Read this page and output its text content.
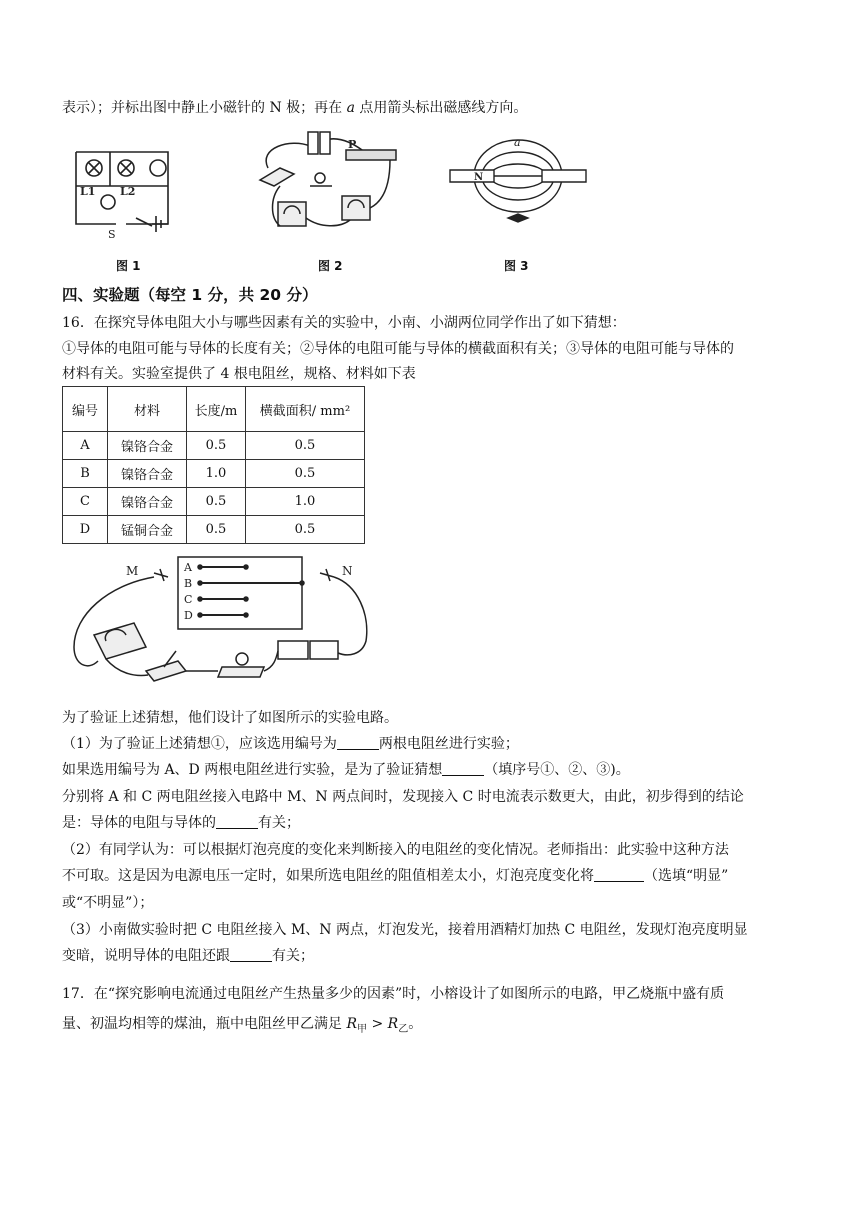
表示）；并标出图中静止小磁针的 N 极；再在 a 点用箭头标出磁感线方向。
L1 L2
S
图 1
P
图 2
a
N
图 3
四、实验题（每空 1 分，共 20 分）
16．在探究导体电阻大小与哪些因素有关的实验中，小南、小湖两位同学作出了如下猜想：
①导体的电阻可能与导体的长度有关；②导体的电阻可能与导体的横截面积有关；③导体的电阻可能与导体的
材料有关。实验室提供了 4 根电阻丝，规格、材料如下表
编号	材料	长度/m	横截面积/ mm²
A	镍铬合金	0.5	0.5
B	镍铬合金	1.0	0.5
C	镍铬合金	0.5	1.0
D	锰铜合金	0.5	0.5
M	N
A
B
C
D
为了验证上述猜想，他们设计了如图所示的实验电路。
（1）为了验证上述猜想①，应该选用编号为	两根电阻丝进行实验；
如果选用编号为 A、D 两根电阻丝进行实验，是为了验证猜想	（填序号①、②、③)。
分别将 A 和 C 两电阻丝接入电路中 M、N 两点间时，发现接入 C 时电流表示数更大，由此，初步得到的结论
是：导体的电阻与导体的	有关；
（2）有同学认为：可以根据灯泡亮度的变化来判断接入的电阻丝的变化情况。老师指出：此实验中这种方法
不可取。这是因为电源电压一定时，如果所选电阻丝的阻值相差太小，灯泡亮度变化将	（选填“明显”
或“不明显”）；
（3）小南做实验时把 C 电阻丝接入 M、N 两点，灯泡发光，接着用酒精灯加热 C 电阻丝，发现灯泡亮度明显
变暗，说明导体的电阻还跟	有关；
17．在“探究影响电流通过电阻丝产生热量多少的因素”时，小榕设计了如图所示的电路，甲乙烧瓶中盛有质
量、初温均相等的煤油，瓶中电阻丝甲乙满足 $R_甲 > R_乙$。
